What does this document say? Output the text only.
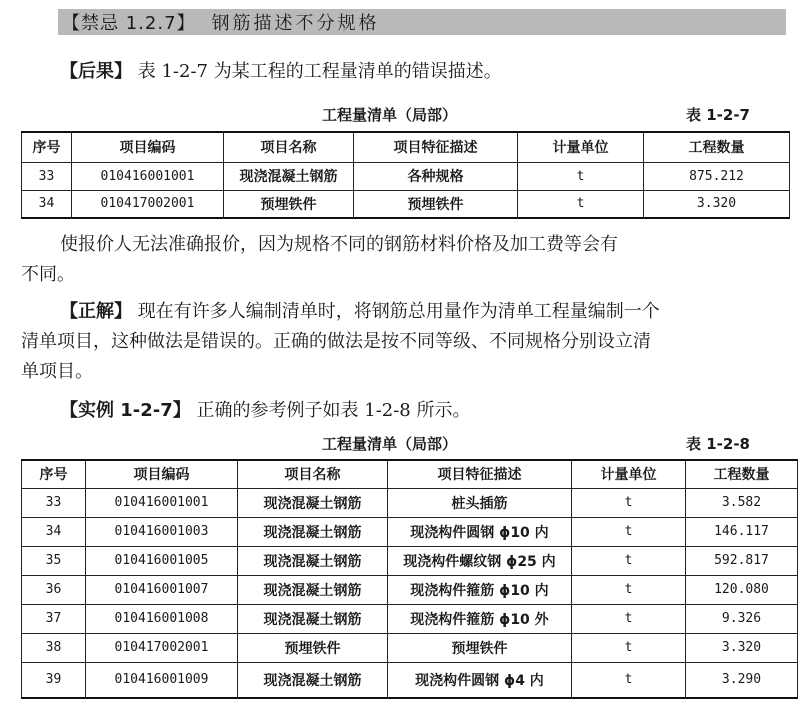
【禁忌 1.2.7】 钢筋描述不分规格
【后果】 表 1-2-7 为某工程的工程量清单的错误描述。
工程量清单（局部）	表 1-2-7
序号	项目编码	项目名称	项目特征描述	计量单位	工程数量
33	010416001001	现浇混凝土钢筋	各种规格	t	875.212
34	010417002001	预埋铁件	预埋铁件	t	3.320
使报价人无法准确报价，因为规格不同的钢筋材料价格及加工费等会有
不同。
【正解】 现在有许多人编制清单时，将钢筋总用量作为清单工程量编制一个
清单项目，这种做法是错误的。正确的做法是按不同等级、不同规格分别设立清
单项目。
【实例 1-2-7】 正确的参考例子如表 1-2-8 所示。
工程量清单（局部）	表 1-2-8
序号	项目编码	项目名称	项目特征描述	计量单位	工程数量
33	010416001001	现浇混凝土钢筋	桩头插筋	t	3.582
34	010416001003	现浇混凝土钢筋	现浇构件圆钢 ϕ10 内	t	146.117
35	010416001005	现浇混凝土钢筋	现浇构件螺纹钢 ϕ25 内	t	592.817
36	010416001007	现浇混凝土钢筋	现浇构件箍筋 ϕ10 内	t	120.080
37	010416001008	现浇混凝土钢筋	现浇构件箍筋 ϕ10 外	t	9.326
38	010417002001	预埋铁件	预埋铁件	t	3.320
39	010416001009	现浇混凝土钢筋	现浇构件圆钢 ϕ4 内	t	3.290
